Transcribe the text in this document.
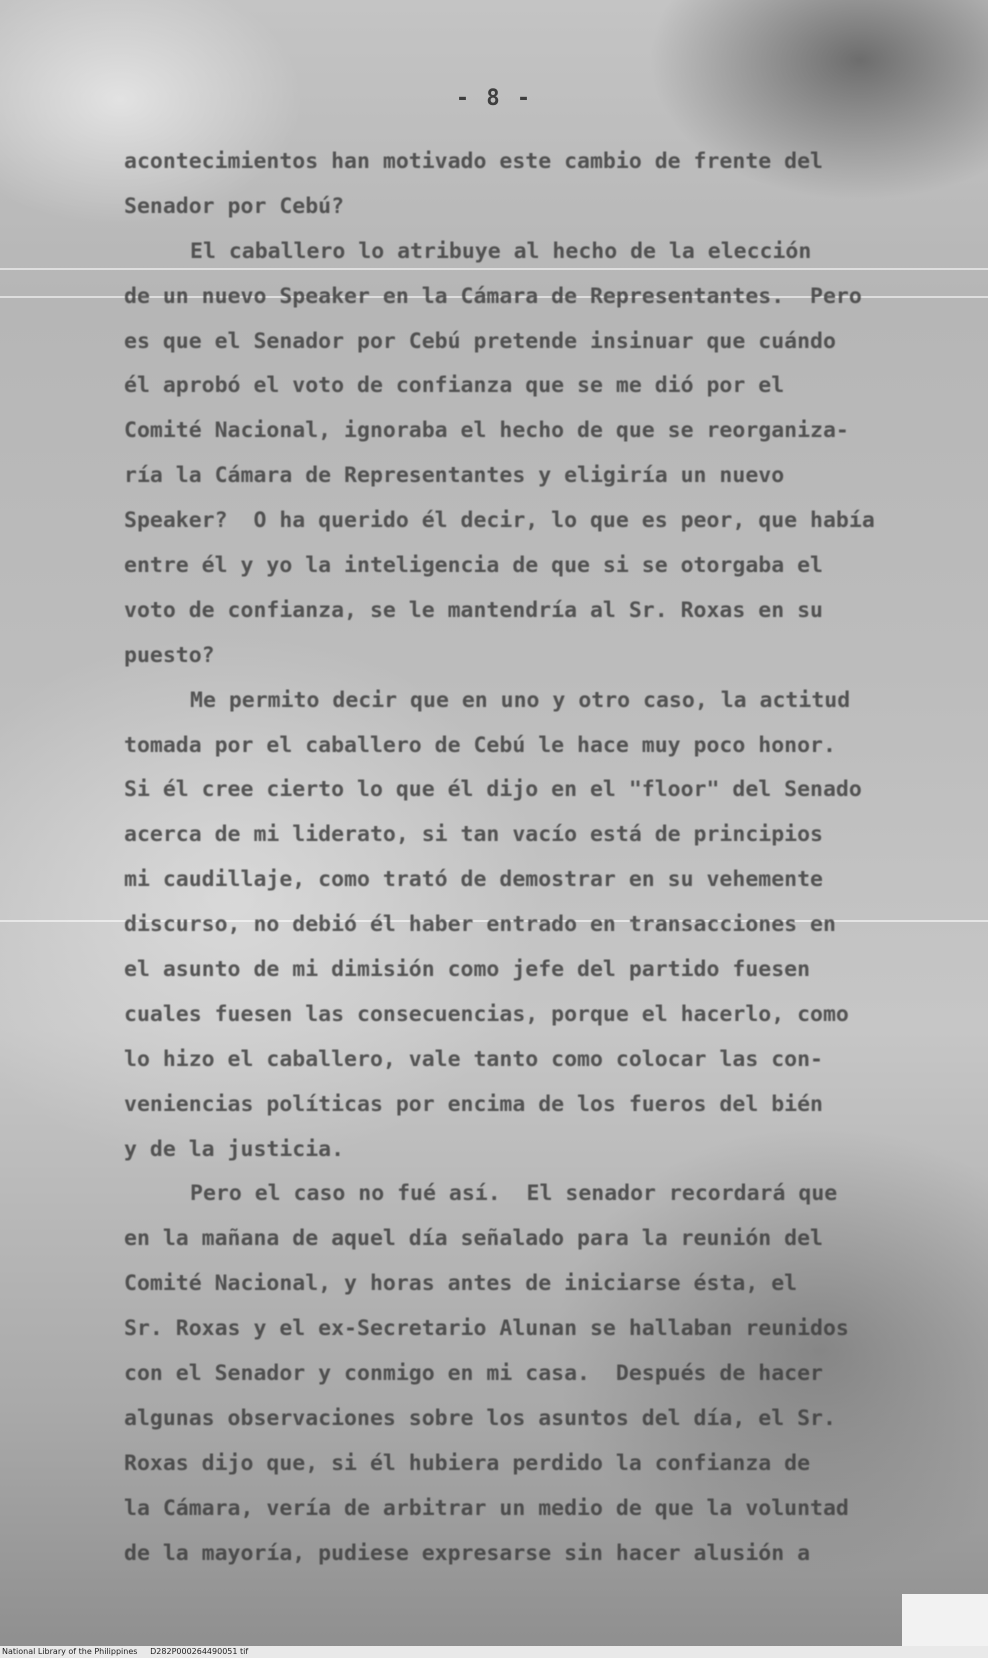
- 8 -
acontecimientos han motivado este cambio de frente del
Senador por Cebú?
El caballero lo atribuye al hecho de la elección
de un nuevo Speaker en la Cámara de Representantes.  Pero
es que el Senador por Cebú pretende insinuar que cuándo
él aprobó el voto de confianza que se me dió por el
Comité Nacional, ignoraba el hecho de que se reorganiza-
ría la Cámara de Representantes y eligiría un nuevo
Speaker?  O ha querido él decir, lo que es peor, que había
entre él y yo la inteligencia de que si se otorgaba el
voto de confianza, se le mantendría al Sr. Roxas en su
puesto?
Me permito decir que en uno y otro caso, la actitud
tomada por el caballero de Cebú le hace muy poco honor.
Si él cree cierto lo que él dijo en el "floor" del Senado
acerca de mi liderato, si tan vacío está de principios
mi caudillaje, como trató de demostrar en su vehemente
discurso, no debió él haber entrado en transacciones en
el asunto de mi dimisión como jefe del partido fuesen
cuales fuesen las consecuencias, porque el hacerlo, como
lo hizo el caballero, vale tanto como colocar las con-
veniencias políticas por encima de los fueros del bién
y de la justicia.
Pero el caso no fué así.  El senador recordará que
en la mañana de aquel día señalado para la reunión del
Comité Nacional, y horas antes de iniciarse ésta, el
Sr. Roxas y el ex-Secretario Alunan se hallaban reunidos
con el Senador y conmigo en mi casa.  Después de hacer
algunas observaciones sobre los asuntos del día, el Sr.
Roxas dijo que, si él hubiera perdido la confianza de
la Cámara, vería de arbitrar un medio de que la voluntad
de la mayoría, pudiese expresarse sin hacer alusión a
National Library of the Philippines     D282P000264490051 tif
